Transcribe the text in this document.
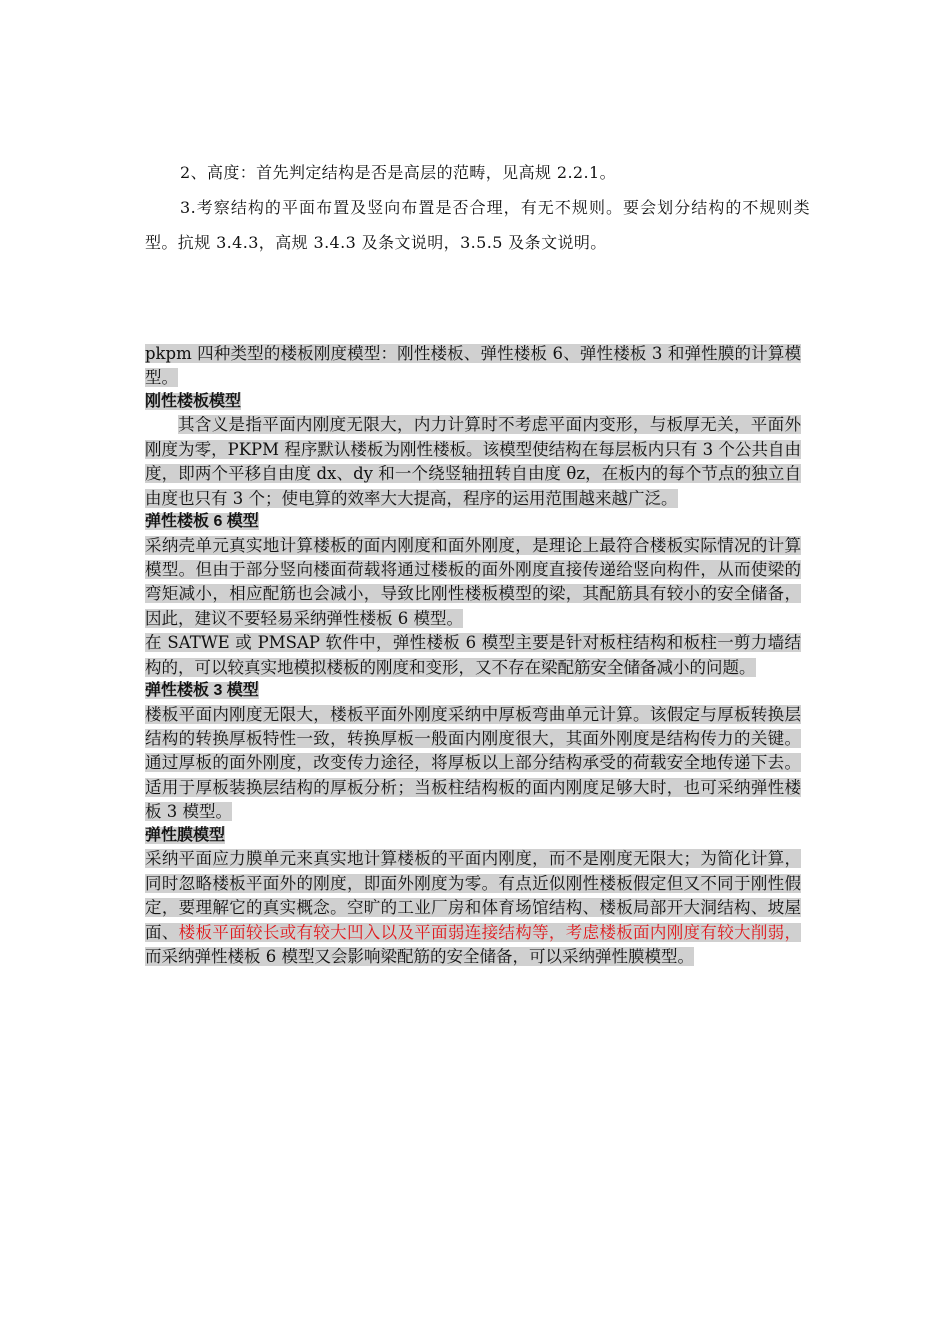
2、高度：首先判定结构是否是高层的范畴，见高规 2.2.1。

3.考察结构的平面布置及竖向布置是否合理，有无不规则。要会划分结构的不规则类型。抗规 3.4.3，高规 3.4.3 及条文说明，3.5.5 及条文说明。

pkpm 四种类型的楼板刚度模型：刚性楼板、弹性楼板 6、弹性楼板 3 和弹性膜的计算模型。

刚性楼板模型

其含义是指平面内刚度无限大，内力计算时不考虑平面内变形，与板厚无关，平面外刚度为零，PKPM 程序默认楼板为刚性楼板。该模型使结构在每层板内只有 3 个公共自由度，即两个平移自由度 dx、dy 和一个绕竖轴扭转自由度 θz，在板内的每个节点的独立自由度也只有 3 个；使电算的效率大大提高，程序的运用范围越来越广泛。

弹性楼板 6 模型

采纳壳单元真实地计算楼板的面内刚度和面外刚度，是理论上最符合楼板实际情况的计算模型。但由于部分竖向楼面荷载将通过楼板的面外刚度直接传递给竖向构件，从而使梁的弯矩减小，相应配筋也会减小，导致比刚性楼板模型的梁，其配筋具有较小的安全储备，因此，建议不要轻易采纳弹性楼板 6 模型。

在 SATWE 或 PMSAP 软件中，弹性楼板 6 模型主要是针对板柱结构和板柱一剪力墙结构的，可以较真实地模拟楼板的刚度和变形，又不存在梁配筋安全储备减小的问题。

弹性楼板 3 模型

楼板平面内刚度无限大，楼板平面外刚度采纳中厚板弯曲单元计算。该假定与厚板转换层结构的转换厚板特性一致，转换厚板一般面内刚度很大，其面外刚度是结构传力的关键。通过厚板的面外刚度，改变传力途径，将厚板以上部分结构承受的荷载安全地传递下去。适用于厚板装换层结构的厚板分析；当板柱结构板的面内刚度足够大时，也可采纳弹性楼板 3 模型。

弹性膜模型

采纳平面应力膜单元来真实地计算楼板的平面内刚度，而不是刚度无限大；为简化计算，同时忽略楼板平面外的刚度，即面外刚度为零。有点近似刚性楼板假定但又不同于刚性假定，要理解它的真实概念。空旷的工业厂房和体育场馆结构、楼板局部开大洞结构、坡屋面、楼板平面较长或有较大凹入以及平面弱连接结构等，考虑楼板面内刚度有较大削弱，而采纳弹性楼板 6 模型又会影响梁配筋的安全储备，可以采纳弹性膜模型。
